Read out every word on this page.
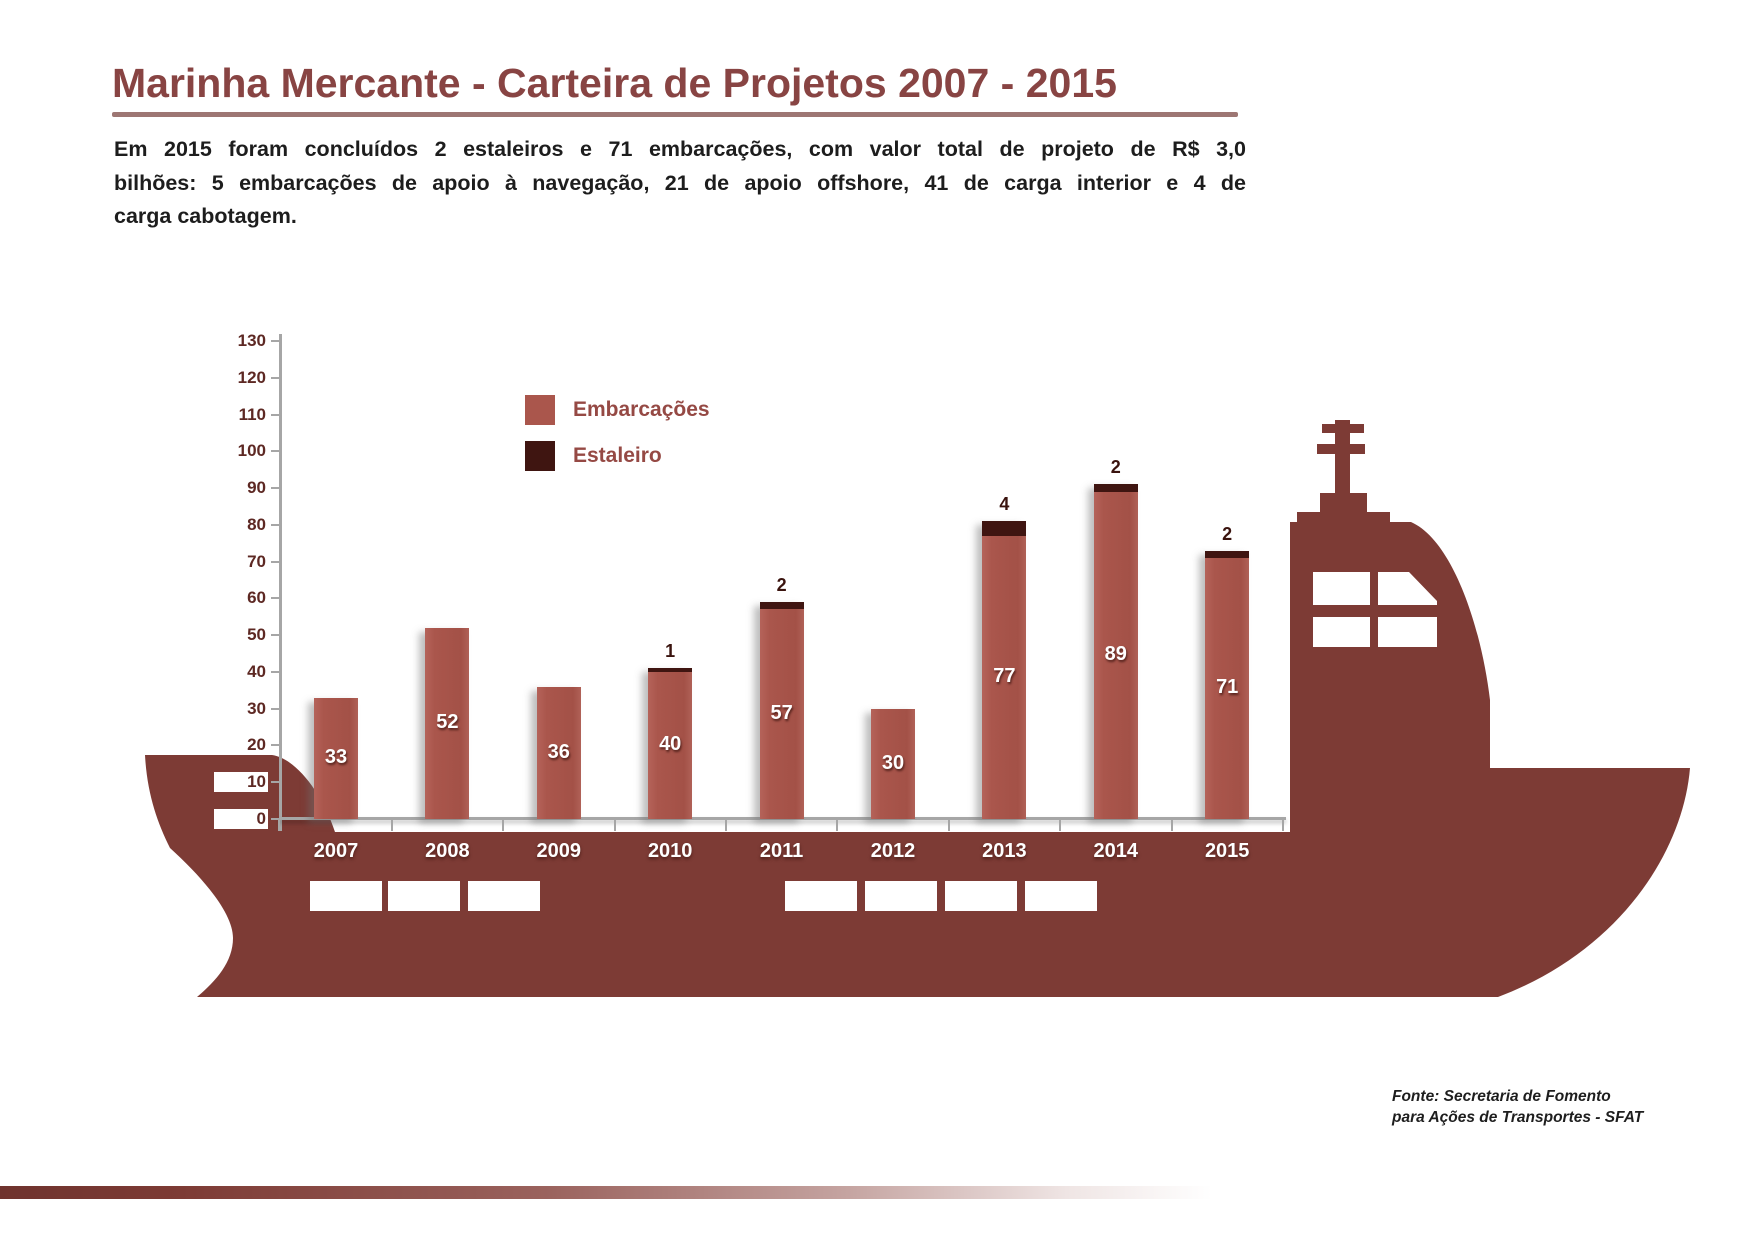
Marinha Mercante - Carteira de Projetos 2007 - 2015
Em 2015 foram concluídos 2 estaleiros e 71 embarcações, com valor total de projeto de R$ 3,0
bilhões: 5 embarcações de apoio à navegação, 21 de apoio offshore, 41 de carga interior e 4 de
carga cabotagem.
0
10
20
30
40
50
60
70
80
90
100
110
120
130
33
2007
52
2008
36
2009
1
40
2010
2
57
2011
30
2012
4
77
2013
2
89
2014
2
71
2015
Embarcações
Estaleiro
Fonte: Secretaria de Fomento
para Ações de Transportes - SFAT
